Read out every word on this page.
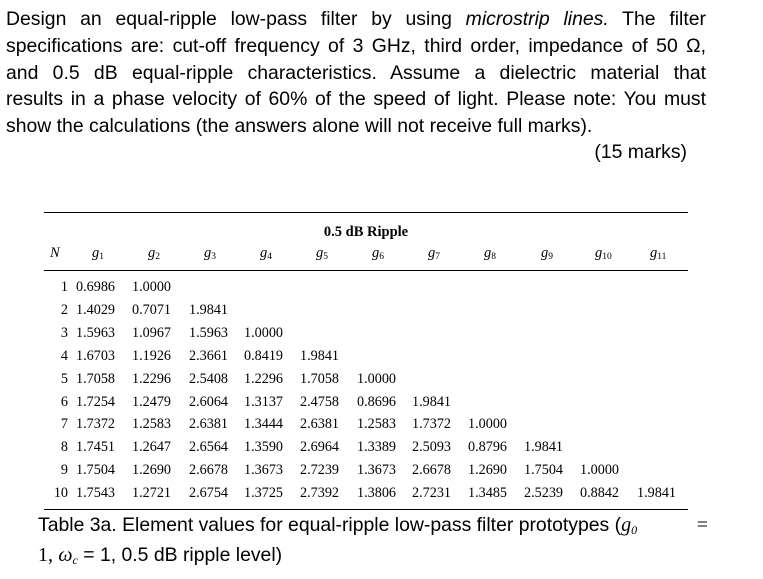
Design an equal-ripple low-pass filter by using microstrip lines. The filter
specifications are: cut-off frequency of 3 GHz, third order, impedance of 50 Ω,
and 0.5 dB equal-ripple characteristics. Assume a dielectric material that
results in a phase velocity of 60% of the speed of light. Please note: You must
show the calculations (the answers alone will not receive full marks).
(15 marks)
0.5 dB Ripple
N $g_1$	$g_2$	$g_3$	$g_4$	$g_5$	$g_6$	$g_7$	$g_8$	$g_9$	$g_{10}$	$g_{11}$
1 0.6986 1.0000
2 1.4029 0.7071 1.9841
3 1.5963 1.0967 1.5963 1.0000
4 1.6703 1.1926 2.3661 0.8419 1.9841
5 1.7058 1.2296 2.5408 1.2296 1.7058 1.0000
6 1.7254 1.2479 2.6064 1.3137 2.4758 0.8696 1.9841
7 1.7372 1.2583 2.6381 1.3444 2.6381 1.2583 1.7372 1.0000
8 1.7451 1.2647 2.6564 1.3590 2.6964 1.3389 2.5093 0.8796 1.9841
9 1.7504 1.2690 2.6678 1.3673 2.7239 1.3673 2.6678 1.2690 1.7504 1.0000
10 1.7543 1.2721 2.6754 1.3725 2.7392 1.3806 2.7231 1.3485 2.5239 0.8842 1.9841
Table 3a. Element values for equal-ripple low-pass filter prototypes ($g_0$	=
1, $\omega_c = 1$, 0.5 dB ripple level)
